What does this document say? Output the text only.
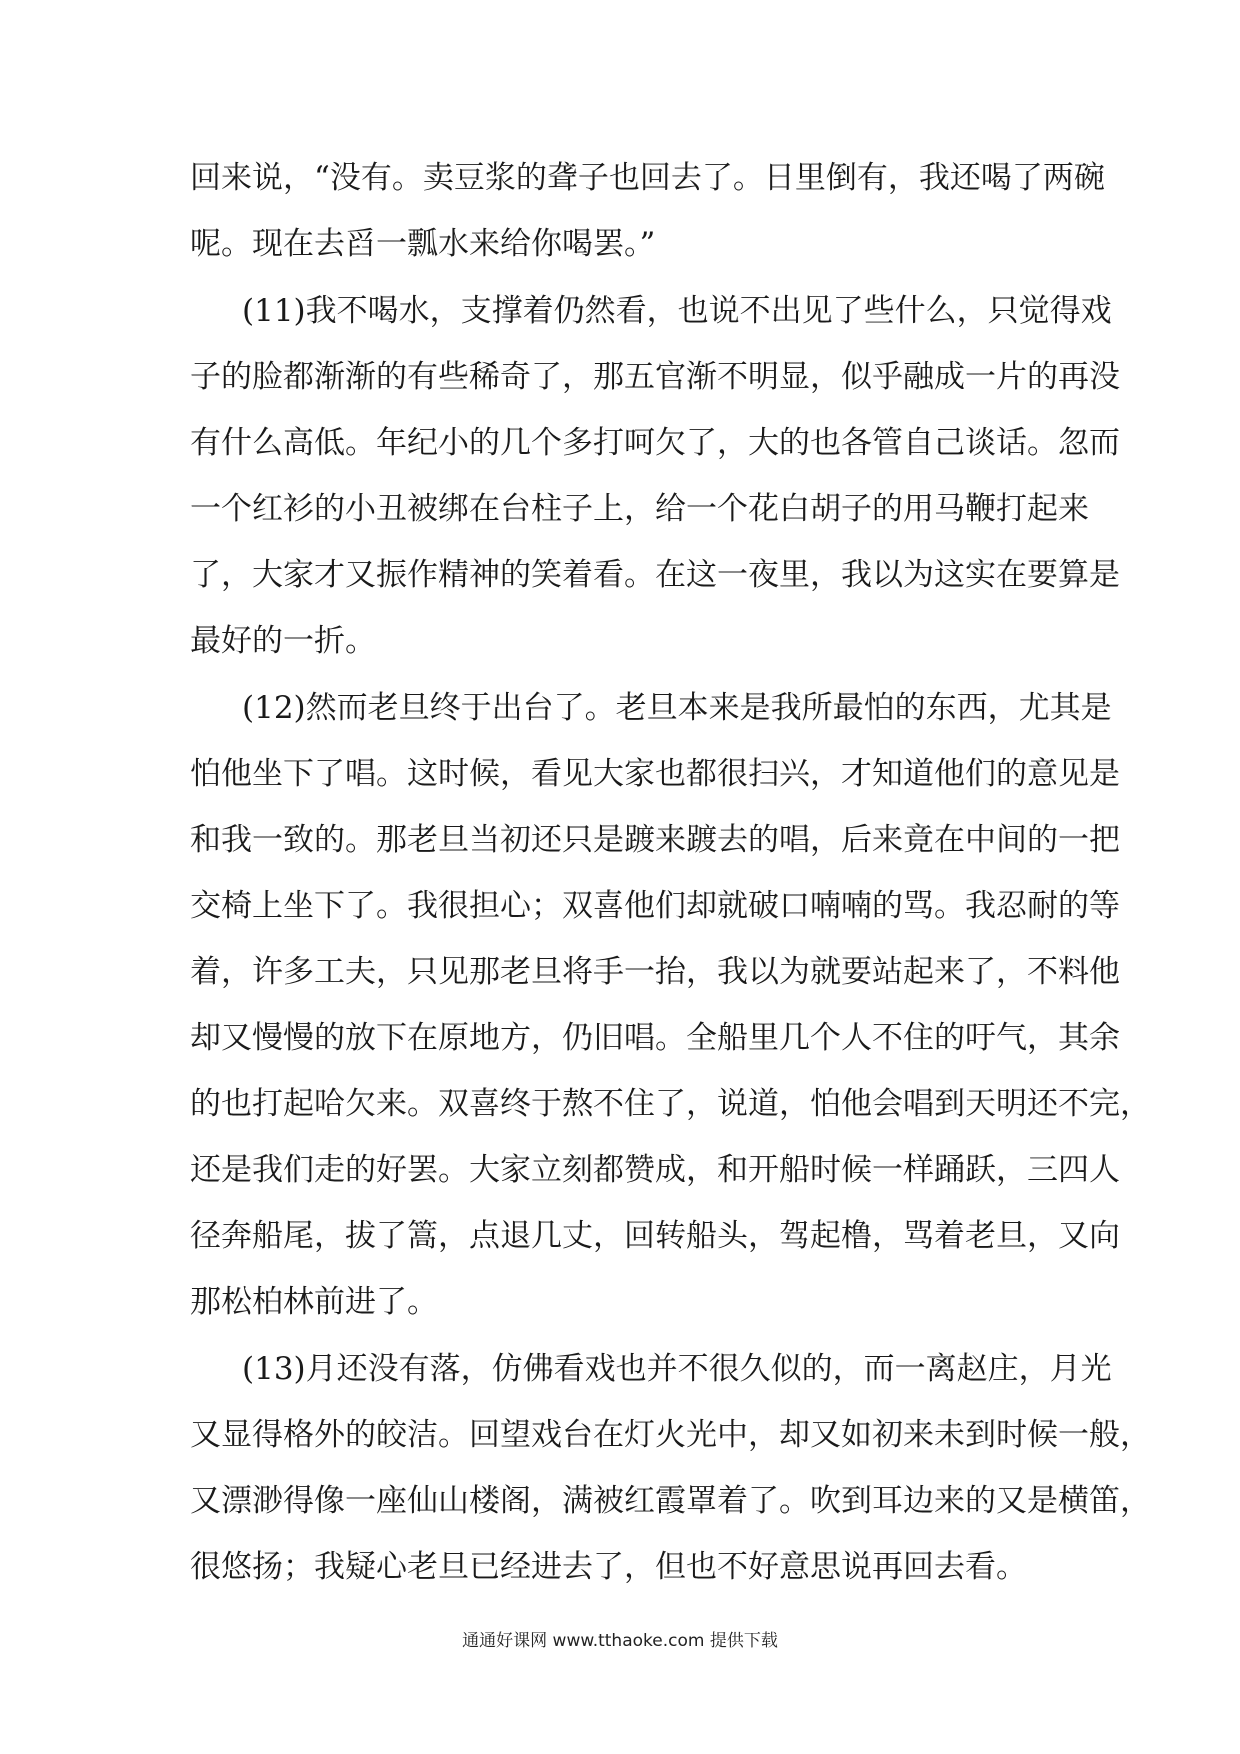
回来说，“没有。卖豆浆的聋子也回去了。日里倒有，我还喝了两碗
呢。现在去舀一瓢水来给你喝罢。”
(11)我不喝水，支撑着仍然看，也说不出见了些什么，只觉得戏
子的脸都渐渐的有些稀奇了，那五官渐不明显，似乎融成一片的再没
有什么高低。年纪小的几个多打呵欠了，大的也各管自己谈话。忽而
一个红衫的小丑被绑在台柱子上，给一个花白胡子的用马鞭打起来
了，大家才又振作精神的笑着看。在这一夜里，我以为这实在要算是
最好的一折。
(12)然而老旦终于出台了。老旦本来是我所最怕的东西，尤其是
怕他坐下了唱。这时候，看见大家也都很扫兴，才知道他们的意见是
和我一致的。那老旦当初还只是踱来踱去的唱，后来竟在中间的一把
交椅上坐下了。我很担心；双喜他们却就破口喃喃的骂。我忍耐的等
着，许多工夫，只见那老旦将手一抬，我以为就要站起来了，不料他
却又慢慢的放下在原地方，仍旧唱。全船里几个人不住的吁气，其余
的也打起哈欠来。双喜终于熬不住了，说道，怕他会唱到天明还不完，
还是我们走的好罢。大家立刻都赞成，和开船时候一样踊跃，三四人
径奔船尾，拔了篙，点退几丈，回转船头，驾起橹，骂着老旦，又向
那松柏林前进了。
(13)月还没有落，仿佛看戏也并不很久似的，而一离赵庄，月光
又显得格外的皎洁。回望戏台在灯火光中，却又如初来未到时候一般，
又漂渺得像一座仙山楼阁，满被红霞罩着了。吹到耳边来的又是横笛，
很悠扬；我疑心老旦已经进去了，但也不好意思说再回去看。
通通好课网 www.tthaoke.com 提供下载
